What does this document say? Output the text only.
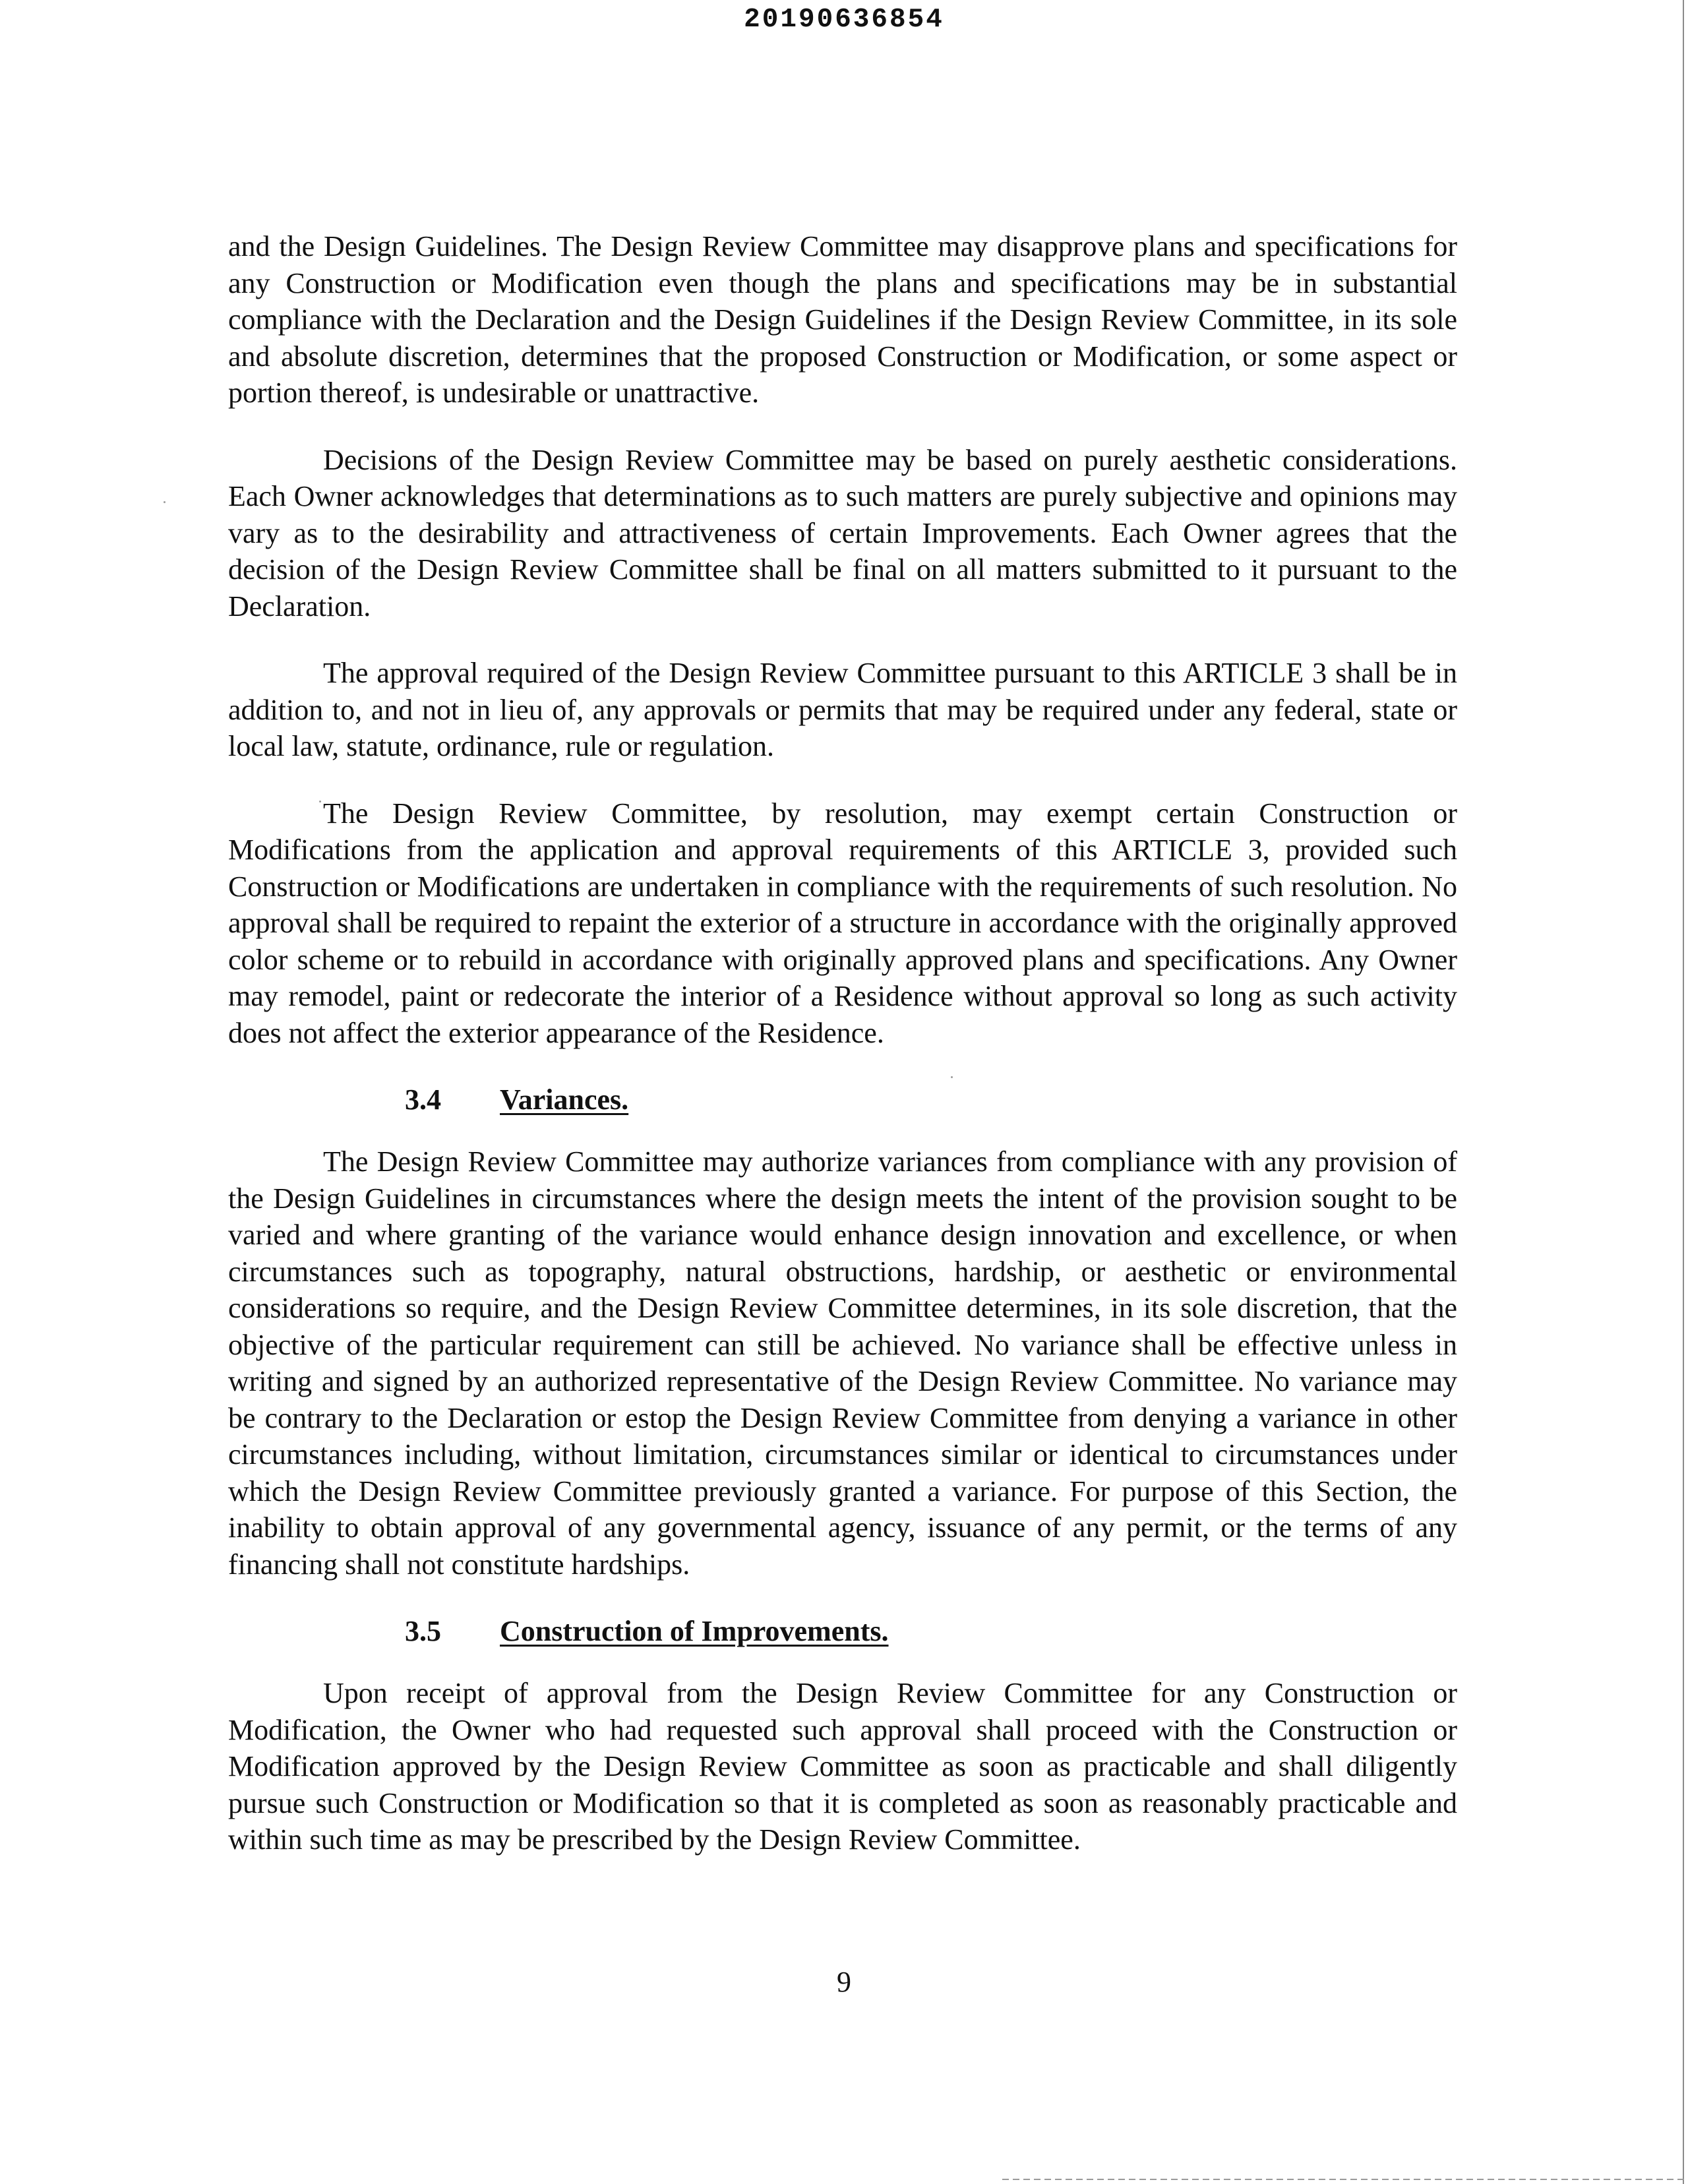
20190636854

and the Design Guidelines. The Design Review Committee may disapprove plans and specifications for any Construction or Modification even though the plans and specifications may be in substantial compliance with the Declaration and the Design Guidelines if the Design Review Committee, in its sole and absolute discretion, determines that the proposed Construction or Modification, or some aspect or portion thereof, is undesirable or unattractive.

Decisions of the Design Review Committee may be based on purely aesthetic considerations. Each Owner acknowledges that determinations as to such matters are purely subjective and opinions may vary as to the desirability and attractiveness of certain Improvements. Each Owner agrees that the decision of the Design Review Committee shall be final on all matters submitted to it pursuant to the Declaration.

The approval required of the Design Review Committee pursuant to this ARTICLE 3 shall be in addition to, and not in lieu of, any approvals or permits that may be required under any federal, state or local law, statute, ordinance, rule or regulation.

The Design Review Committee, by resolution, may exempt certain Construction or Modifications from the application and approval requirements of this ARTICLE 3, provided such Construction or Modifications are undertaken in compliance with the requirements of such resolution. No approval shall be required to repaint the exterior of a structure in accordance with the originally approved color scheme or to rebuild in accordance with originally approved plans and specifications. Any Owner may remodel, paint or redecorate the interior of a Residence without approval so long as such activity does not affect the exterior appearance of the Residence.

3.4 Variances.

The Design Review Committee may authorize variances from compliance with any provision of the Design Guidelines in circumstances where the design meets the intent of the provision sought to be varied and where granting of the variance would enhance design innovation and excellence, or when circumstances such as topography, natural obstructions, hardship, or aesthetic or environmental considerations so require, and the Design Review Committee determines, in its sole discretion, that the objective of the particular requirement can still be achieved. No variance shall be effective unless in writing and signed by an authorized representative of the Design Review Committee. No variance may be contrary to the Declaration or estop the Design Review Committee from denying a variance in other circumstances including, without limitation, circumstances similar or identical to circumstances under which the Design Review Committee previously granted a variance. For purpose of this Section, the inability to obtain approval of any governmental agency, issuance of any permit, or the terms of any financing shall not constitute hardships.

3.5 Construction of Improvements.

Upon receipt of approval from the Design Review Committee for any Construction or Modification, the Owner who had requested such approval shall proceed with the Construction or Modification approved by the Design Review Committee as soon as practicable and shall diligently pursue such Construction or Modification so that it is completed as soon as reasonably practicable and within such time as may be prescribed by the Design Review Committee.

9
